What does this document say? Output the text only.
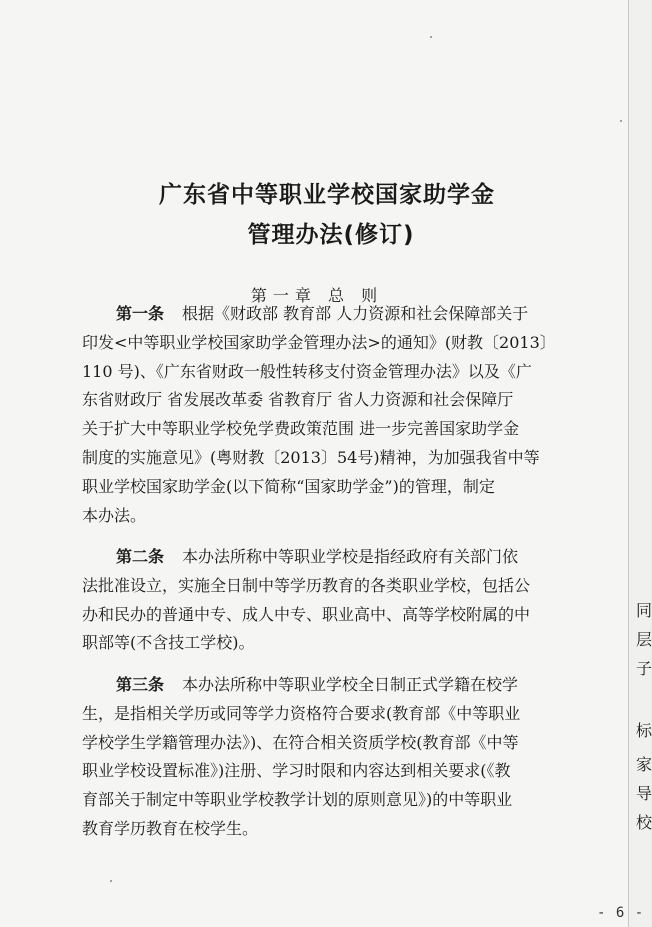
广东省中等职业学校国家助学金
管理办法(修订)
第一章 总 则
第一条 根据《财政部 教育部 人力资源和社会保障部关于
印发<中等职业学校国家助学金管理办法>的通知》(财教〔2013〕
110 号)、《广东省财政一般性转移支付资金管理办法》以及《广
东省财政厅 省发展改革委 省教育厅 省人力资源和社会保障厅
关于扩大中等职业学校免学费政策范围 进一步完善国家助学金
制度的实施意见》(粤财教〔2013〕54号)精神，为加强我省中等
职业学校国家助学金(以下简称“国家助学金”)的管理，制定
本办法。
第二条 本办法所称中等职业学校是指经政府有关部门依
法批准设立，实施全日制中等学历教育的各类职业学校，包括公
办和民办的普通中专、成人中专、职业高中、高等学校附属的中
职部等(不含技工学校)。
第三条 本办法所称中等职业学校全日制正式学籍在校学
生，是指相关学历或同等学力资格符合要求(教育部《中等职业
学校学生学籍管理办法》)、在符合相关资质学校(教育部《中等
职业学校设置标准》)注册、学习时限和内容达到相关要求(《教
育部关于制定中等职业学校教学计划的原则意见》)的中等职业
教育学历教育在校学生。
同
层
子
标
家
导
校
- 6 -
